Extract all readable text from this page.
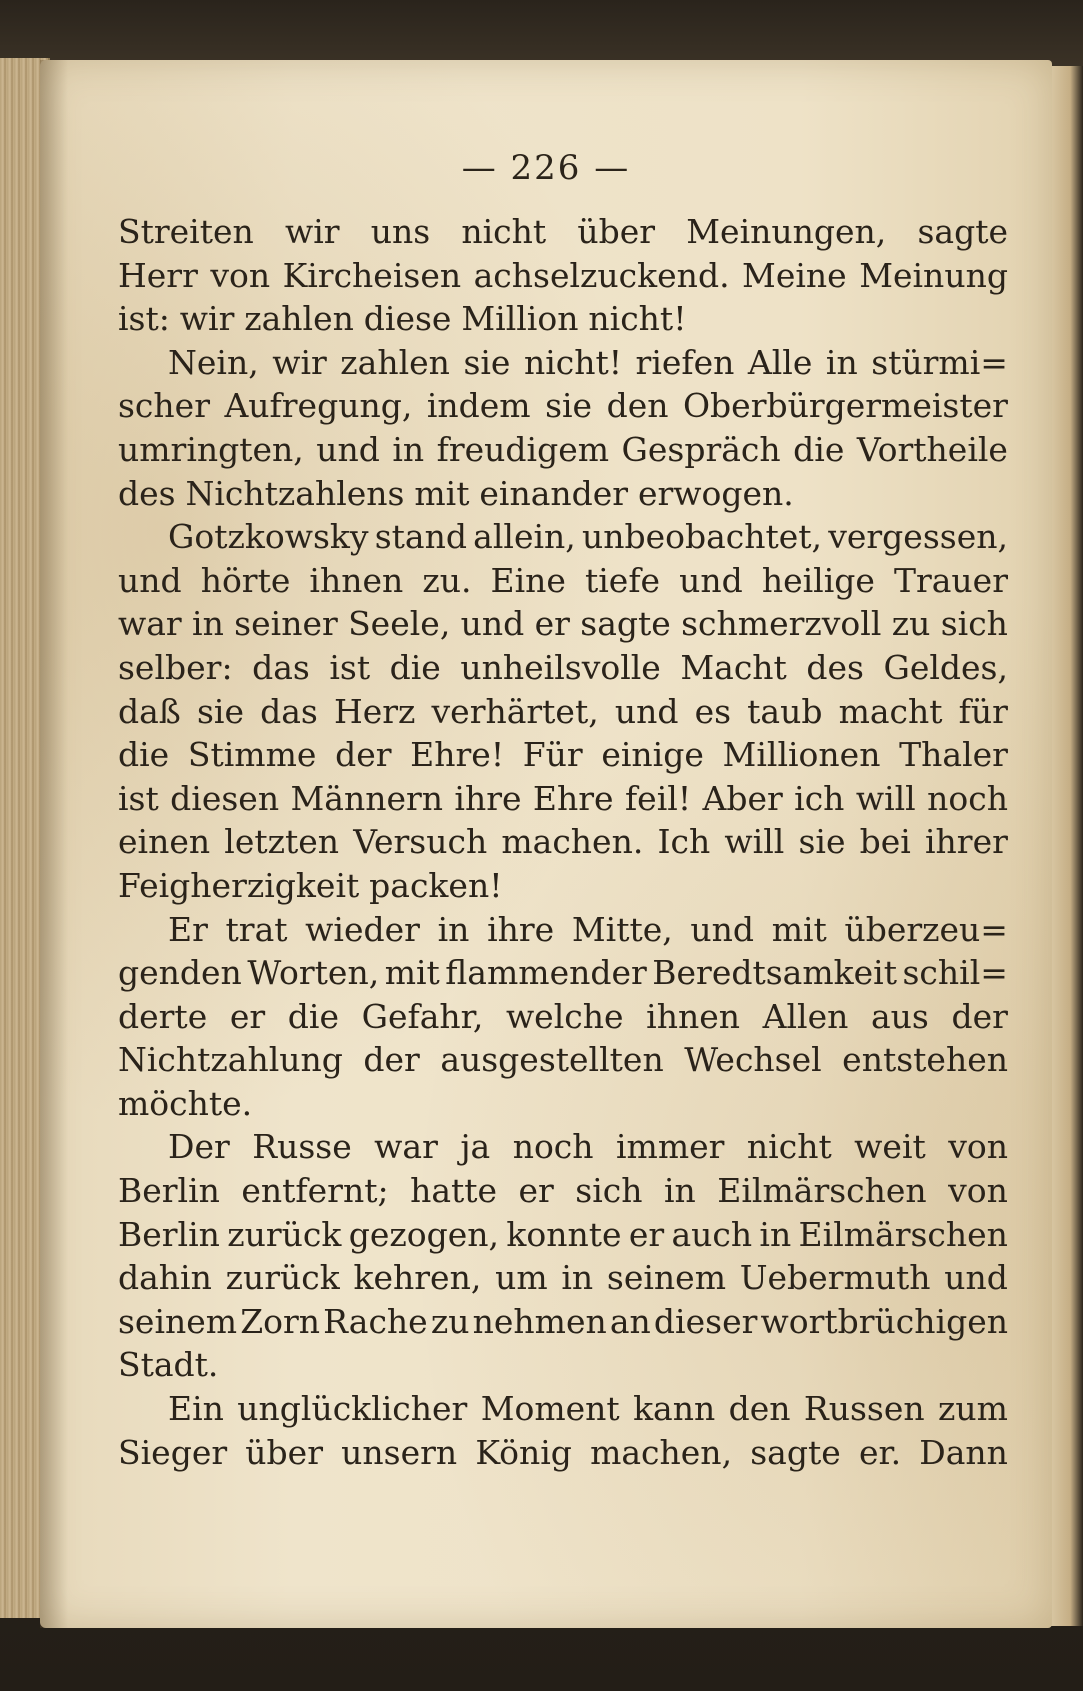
— 226 —
Streiten wir uns nicht über Meinungen, sagte
Herr von Kircheisen achselzuckend. Meine Meinung
ist: wir zahlen diese Million nicht!
Nein, wir zahlen sie nicht! riefen Alle in stürmi=
scher Aufregung, indem sie den Oberbürgermeister
umringten, und in freudigem Gespräch die Vortheile
des Nichtzahlens mit einander erwogen.
Gotzkowsky stand allein, unbeobachtet, vergessen,
und hörte ihnen zu. Eine tiefe und heilige Trauer
war in seiner Seele, und er sagte schmerzvoll zu sich
selber: das ist die unheilsvolle Macht des Geldes,
daß sie das Herz verhärtet, und es taub macht für
die Stimme der Ehre! Für einige Millionen Thaler
ist diesen Männern ihre Ehre feil! Aber ich will noch
einen letzten Versuch machen. Ich will sie bei ihrer
Feigherzigkeit packen!
Er trat wieder in ihre Mitte, und mit überzeu=
genden Worten, mit flammender Beredtsamkeit schil=
derte er die Gefahr, welche ihnen Allen aus der
Nichtzahlung der ausgestellten Wechsel entstehen
möchte.
Der Russe war ja noch immer nicht weit von
Berlin entfernt; hatte er sich in Eilmärschen von
Berlin zurück gezogen, konnte er auch in Eilmärschen
dahin zurück kehren, um in seinem Uebermuth und
seinem Zorn Rache zu nehmen an dieser wortbrüchigen
Stadt.
Ein unglücklicher Moment kann den Russen zum
Sieger über unsern König machen, sagte er. Dann
